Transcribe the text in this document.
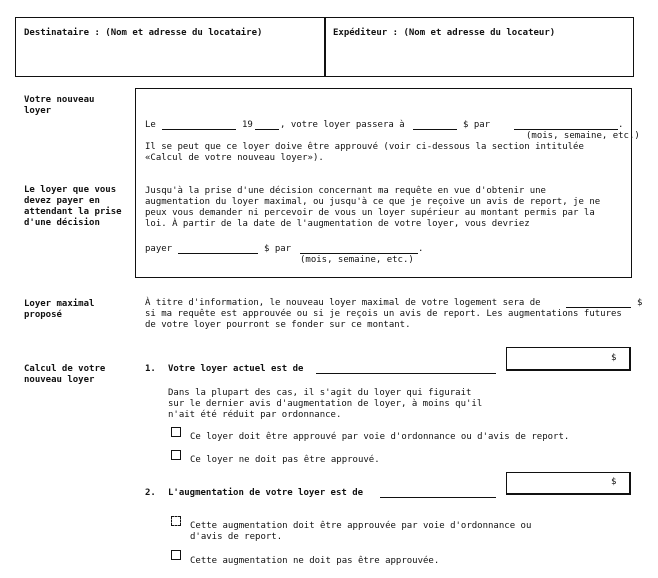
Destinataire : (Nom et adresse du locataire)	Expéditeur : (Nom et adresse du locateur)
Votre nouveau
loyer
Le loyer que vous
devez payer en
attendant la prise
d'une décision
Loyer maximal
proposé
Calcul de votre
nouveau loyer
Le	19	, votre loyer passera à	$ par	.
(mois, semaine, etc.)
Il se peut que ce loyer doive être approuvé (voir ci-dessous la section intitulée
«Calcul de votre nouveau loyer»).
Jusqu'à la prise d'une décision concernant ma requête en vue d'obtenir une
augmentation du loyer maximal, ou jusqu'à ce que je reçoive un avis de report, je ne
peux vous demander ni percevoir de vous un loyer supérieur au montant permis par la
loi. À partir de la date de l'augmentation de votre loyer, vous devriez
payer	$ par	.
(mois, semaine, etc.)
À titre d'information, le nouveau loyer maximal de votre logement sera de	$
si ma requête est approuvée ou si je reçois un avis de report. Les augmentations futures
de votre loyer pourront se fonder sur ce montant.
1. Votre loyer actuel est de
$
Dans la plupart des cas, il s'agit du loyer qui figurait
sur le dernier avis d'augmentation de loyer, à moins qu'il
n'ait été réduit par ordonnance.
Ce loyer doit être approuvé par voie d'ordonnance ou d'avis de report.
Ce loyer ne doit pas être approuvé.
2. L'augmentation de votre loyer est de
$
Cette augmentation doit être approuvée par voie d'ordonnance ou
d'avis de report.
Cette augmentation ne doit pas être approuvée.
